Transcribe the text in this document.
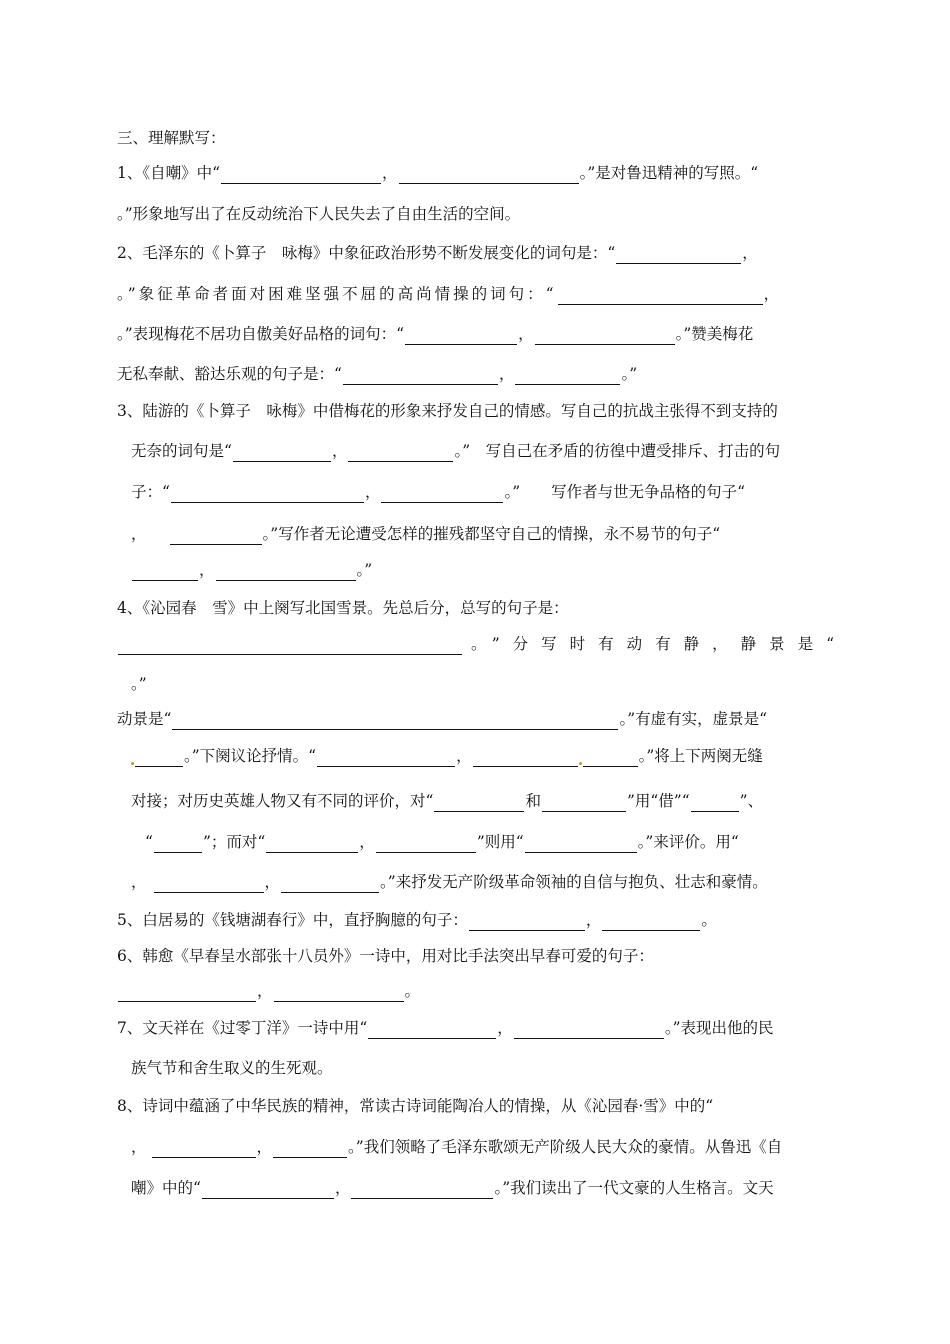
三、理解默写：
1、《自嘲》中“	，	。”是对鲁迅精神的写照。“
。”形象地写出了在反动统治下人民失去了自由生活的空间。
2、毛泽东的《卜算子　咏梅》中象征政治形势不断发展变化的词句是：“	，
。”象征革命者面对困难坚强不屈的高尚情操的词句：“	，
。”表现梅花不居功自傲美好品格的词句：“	，	。”赞美梅花
无私奉献、豁达乐观的句子是：“	，	。”
3、陆游的《卜算子　咏梅》中借梅花的形象来抒发自己的情感。写自己的抗战主张得不到支持的
无奈的词句是“	，	。”　写自己在矛盾的彷徨中遭受排斥、打击的句
子：“	，	。”　　写作者与世无争品格的句子“
，	。”写作者无论遭受怎样的摧残都坚守自己的情操，永不易节的句子“
，	。”
4、《沁园春　雪》中上阕写北国雪景。先总后分，总写的句子是：
。”分写时有动有静，静景是“
。”
动景是“	。”有虚有实，虚景是“
。”下阕议论抒情。“	，	。”将上下两阕无缝
对接；对历史英雄人物又有不同的评价，对“	和	”用“借”“	”、
“	”；而对“	，	”则用“	。”来评价。用“
，	，	。”来抒发无产阶级革命领袖的自信与抱负、壮志和豪情。
5、白居易的《钱塘湖春行》中，直抒胸臆的句子：	，	。
6、韩愈《早春呈水部张十八员外》一诗中，用对比手法突出早春可爱的句子：
，	。
7、文天祥在《过零丁洋》一诗中用“	，	。”表现出他的民
族气节和舍生取义的生死观。
8、诗词中蕴涵了中华民族的精神，常读古诗词能陶冶人的情操，从《沁园春·雪》中的“
，	，	。”我们领略了毛泽东歌颂无产阶级人民大众的豪情。从鲁迅《自
嘲》中的“	，	。”我们读出了一代文豪的人生格言。文天
